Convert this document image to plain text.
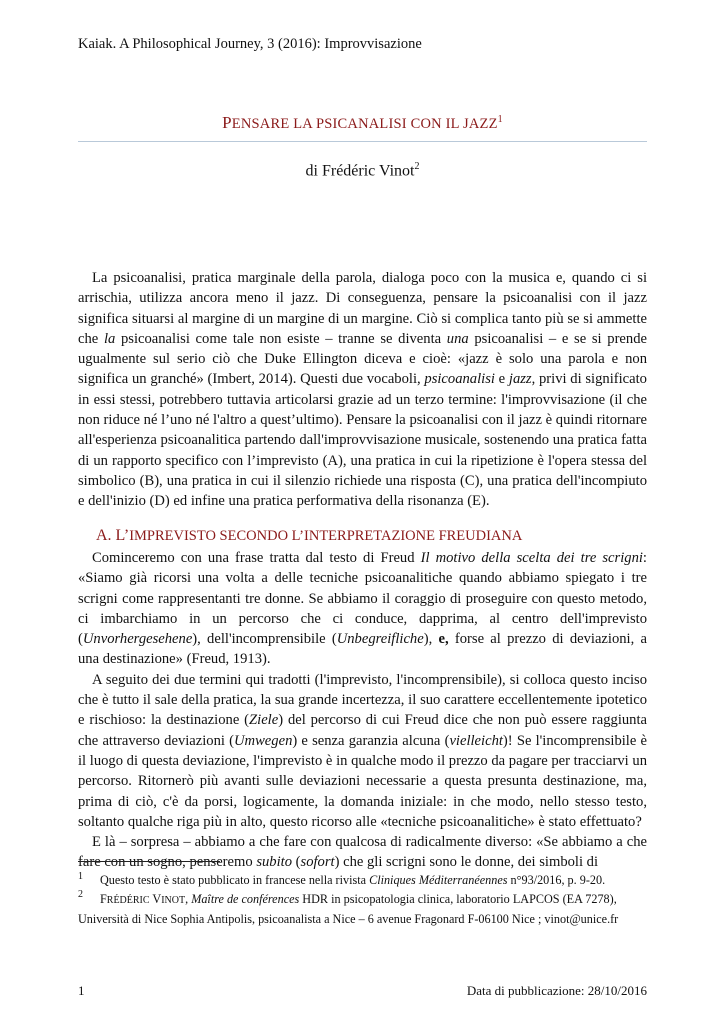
Kaiak. A Philosophical Journey, 3 (2016): Improvvisazione
PENSARE LA PSICANALISI CON IL JAZZ$^1$
di Frédéric Vinot$^2$

La psicoanalisi, pratica marginale della parola, dialoga poco con la musica e, quando ci si arrischia, utilizza ancora meno il jazz. Di conseguenza, pensare la psicoanalisi con il jazz significa situarsi al margine di un margine di un margine. Ciò si complica tanto più se si ammette che la psicoanalisi come tale non esiste – tranne se diventa una psicoanalisi – e se si prende ugualmente sul serio ciò che Duke Ellington diceva e cioè: «jazz è solo una parola e non significa un granché» (Imbert, 2014). Questi due vocaboli, psicoanalisi e jazz, privi di significato in essi stessi, potrebbero tuttavia articolarsi grazie ad un terzo termine: l'improvvisazione (il che non riduce né l’uno né l'altro a quest’ultimo). Pensare la psicoanalisi con il jazz è quindi ritornare all'esperienza psicoanalitica partendo dall'improvvisazione musicale, sostenendo una pratica fatta di un rapporto specifico con l’imprevisto (A), una pratica in cui la ripetizione è l'opera stessa del simbolico (B), una pratica in cui il silenzio richiede una risposta (C), una pratica dell'incompiuto e dell'inizio (D) ed infine una pratica performativa della risonanza (E).

A. L’IMPREVISTO SECONDO L’INTERPRETAZIONE FREUDIANA

Cominceremo con una frase tratta dal testo di Freud Il motivo della scelta dei tre scrigni: «Siamo già ricorsi una volta a delle tecniche psicoanalitiche quando abbiamo spiegato i tre scrigni come rappresentanti tre donne. Se abbiamo il coraggio di proseguire con questo metodo, ci imbarchiamo in un percorso che ci conduce, dapprima, al centro dell'imprevisto (Unvorhergesehene), dell'incomprensibile (Unbegreifliche), e, forse al prezzo di deviazioni, a una destinazione» (Freud, 1913).

A seguito dei due termini qui tradotti (l'imprevisto, l'incomprensibile), si colloca questo inciso che è tutto il sale della pratica, la sua grande incertezza, il suo carattere eccellentemente ipotetico e rischioso: la destinazione (Ziele) del percorso di cui Freud dice che non può essere raggiunta che attraverso deviazioni (Umwegen) e senza garanzia alcuna (vielleicht)! Se l'incomprensibile è il luogo di questa deviazione, l'imprevisto è in qualche modo il prezzo da pagare per tracciarvi un percorso. Ritornerò più avanti sulle deviazioni necessarie a questa presunta destinazione, ma, prima di ciò, c'è da porsi, logicamente, la domanda iniziale: in che modo, nello stesso testo, soltanto qualche riga più in alto, questo ricorso alle «tecniche psicoanalitiche» è stato effettuato?

E là – sorpresa – abbiamo a che fare con qualcosa di radicalmente diverso: «Se abbiamo a che fare con un sogno, penseremo subito (sofort) che gli scrigni sono le donne, dei simboli di

1 Questo testo è stato pubblicato in francese nella rivista Cliniques Méditerranéennes n°93/2016, p. 9-20.

2 FRÉDÉRIC VINOT, Maître de conférences HDR in psicopatologia clinica, laboratorio LAPCOS (EA 7278), Università di Nice Sophia Antipolis, psicoanalista a Nice – 6 avenue Fragonard F-06100 Nice ; vinot@unice.fr

1	Data di pubblicazione: 28/10/2016
